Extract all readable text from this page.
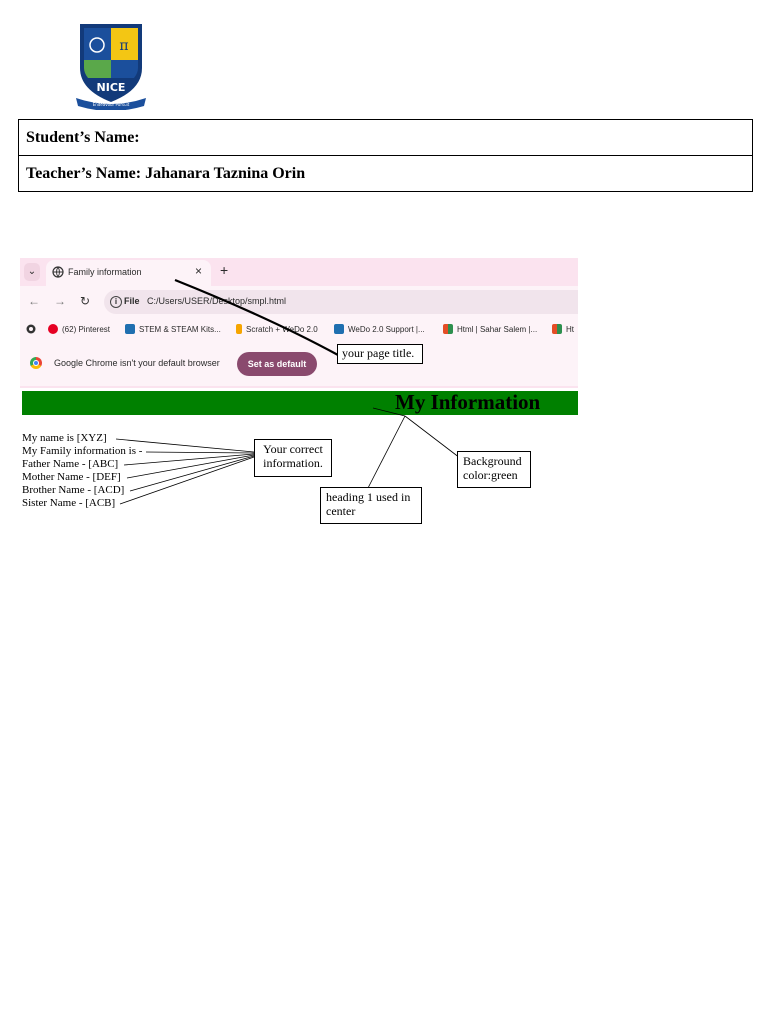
π
NICE
Endeavour Pursuit
Student’s Name:
Teacher’s Name: Jahanara Taznina Orin
⌄	Family information	× +
← → ↻	i File C:/Users/USER/Desktop/smpl.html
(62) Pinterest	STEM & STEAM Kits...	Scratch + WeDo 2.0	WeDo 2.0 Support |...	Html | Sahar Salem |...	Ht
Google Chrome isn't your default browser	Set as default
My Information
My name is [XYZ]
My Family information is -
Father Name - [ABC]
Mother Name - [DEF]
Brother Name - [ACD]
Sister Name - [ACB]
your page title.
Your correct information.
heading 1 used in center
Background color:green
